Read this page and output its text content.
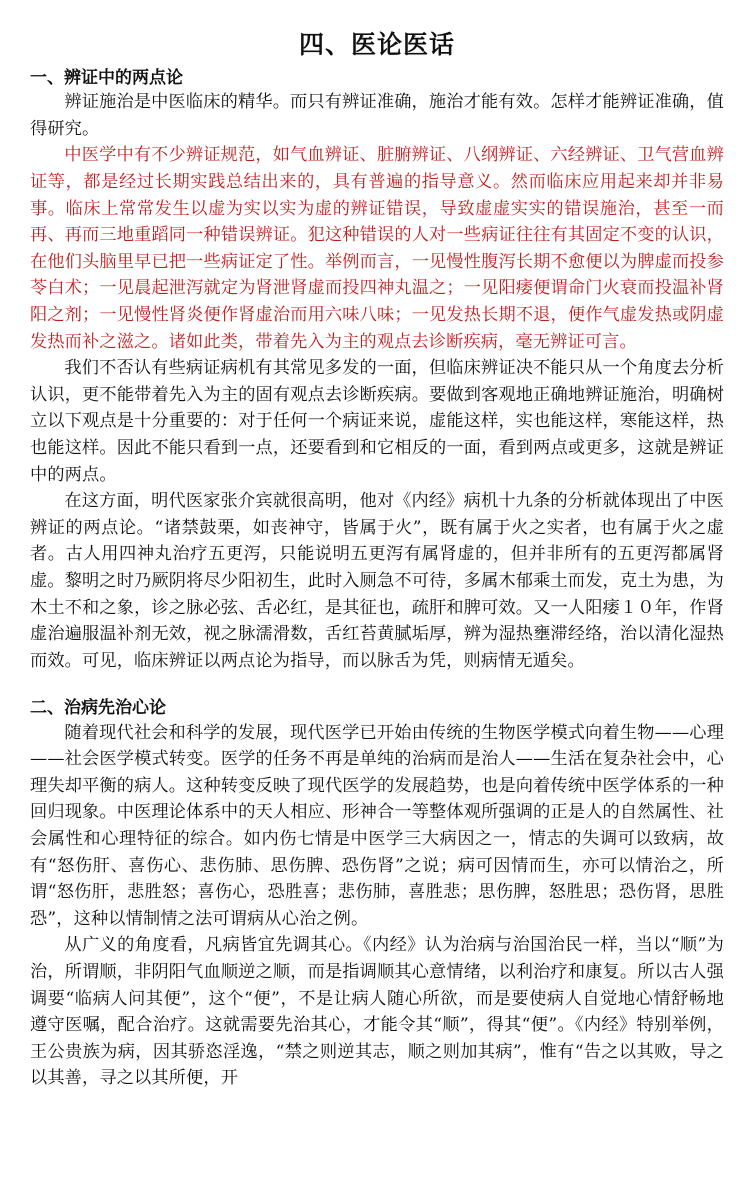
四、医论医话
一、辨证中的两点论

辨证施治是中医临床的精华。而只有辨证准确，施治才能有效。怎样才能辨证准确，值得研究。

中医学中有不少辨证规范，如气血辨证、脏腑辨证、八纲辨证、六经辨证、卫气营血辨证等，都是经过长期实践总结出来的，具有普遍的指导意义。然而临床应用起来却并非易事。临床上常常发生以虚为实以实为虚的辨证错误，导致虚虚实实的错误施治，甚至一而再、再而三地重蹈同一种错误辨证。犯这种错误的人对一些病证往往有其固定不变的认识，在他们头脑里早已把一些病证定了性。举例而言，一见慢性腹泻长期不愈便以为脾虚而投参苓白术；一见晨起泄泻就定为肾泄肾虚而投四神丸温之；一见阳痿便谓命门火衰而投温补肾阳之剂；一见慢性肾炎便作肾虚治而用六味八味；一见发热长期不退，便作气虚发热或阴虚发热而补之滋之。诸如此类，带着先入为主的观点去诊断疾病，毫无辨证可言。

我们不否认有些病证病机有其常见多发的一面，但临床辨证决不能只从一个角度去分析认识，更不能带着先入为主的固有观点去诊断疾病。要做到客观地正确地辨证施治，明确树立以下观点是十分重要的：对于任何一个病证来说，虚能这样，实也能这样，寒能这样，热也能这样。因此不能只看到一点，还要看到和它相反的一面，看到两点或更多，这就是辨证中的两点。

在这方面，明代医家张介宾就很高明，他对《内经》病机十九条的分析就体现出了中医辨证的两点论。“诸禁鼓栗，如丧神守，皆属于火”，既有属于火之实者，也有属于火之虚者。古人用四神丸治疗五更泻，只能说明五更泻有属肾虚的，但并非所有的五更泻都属肾虚。黎明之时乃厥阴将尽少阳初生，此时入厕急不可待，多属木郁乘土而发，克土为患，为木土不和之象，诊之脉必弦、舌必红，是其征也，疏肝和脾可效。又一人阳痿１０年，作肾虚治遍服温补剂无效，视之脉濡滑数，舌红苔黄腻垢厚，辨为湿热壅滞经络，治以清化湿热而效。可见，临床辨证以两点论为指导，而以脉舌为凭，则病情无遁矣。

二、治病先治心论

随着现代社会和科学的发展，现代医学已开始由传统的生物医学模式向着生物——心理——社会医学模式转变。医学的任务不再是单纯的治病而是治人——生活在复杂社会中，心理失却平衡的病人。这种转变反映了现代医学的发展趋势，也是向着传统中医学体系的一种回归现象。中医理论体系中的天人相应、形神合一等整体观所强调的正是人的自然属性、社会属性和心理特征的综合。如内伤七情是中医学三大病因之一，情志的失调可以致病，故有“怒伤肝、喜伤心、悲伤肺、思伤脾、恐伤肾”之说；病可因情而生，亦可以情治之，所谓“怒伤肝，悲胜怒；喜伤心，恐胜喜；悲伤肺，喜胜悲；思伤脾，怒胜思；恐伤肾，思胜恐”，这种以情制情之法可谓病从心治之例。

从广义的角度看，凡病皆宜先调其心。《内经》认为治病与治国治民一样，当以“顺”为治，所谓顺，非阴阳气血顺逆之顺，而是指调顺其心意情绪，以利治疗和康复。所以古人强调要“临病人问其便”，这个“便”，不是让病人随心所欲，而是要使病人自觉地心情舒畅地遵守医嘱，配合治疗。这就需要先治其心，才能令其“顺”，得其“便”。《内经》特别举例，王公贵族为病，因其骄恣淫逸，“禁之则逆其志，顺之则加其病”，惟有“告之以其败，导之以其善，寻之以其所便，开
